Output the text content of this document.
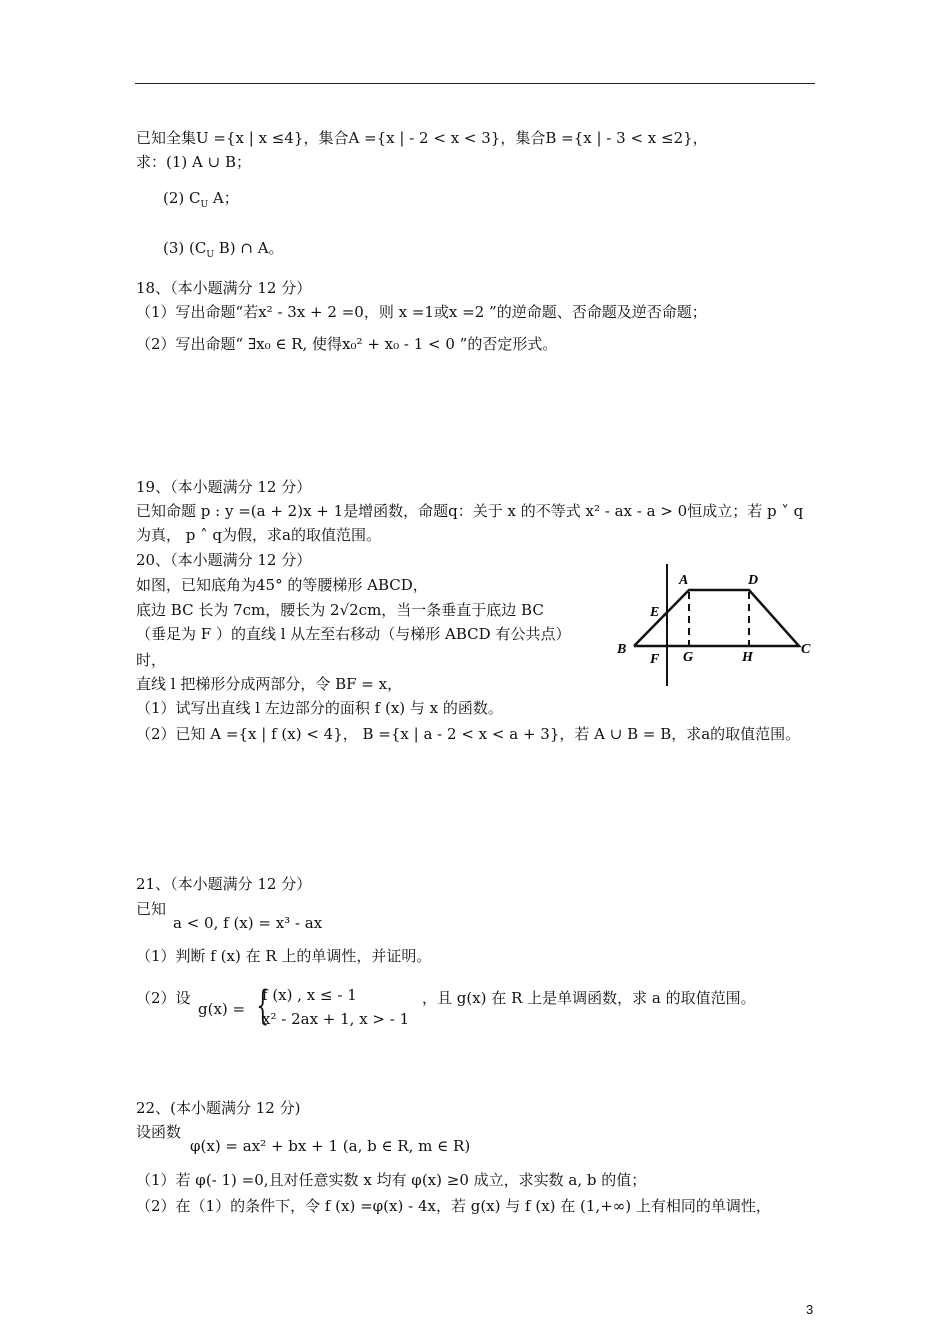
已知全集U ={x | x ≤4}，集合A ={x | - 2 < x < 3}，集合B ={x | - 3 < x ≤2}，
求：(1) A ∪ B；
(2) $C_U$ A；
(3) ($C_U$ B) ∩ A。
18、（本小题满分 12 分）
（1）写出命题“若x² - 3x + 2 =0，则 x =1或x =2 ”的逆命题、否命题及逆否命题；
（2）写出命题“ ∃x₀ ∈ R, 使得x₀² + x₀ - 1 < 0 ”的否定形式。
19、（本小题满分 12 分）
已知命题 p : y =(a + 2)x + 1是增函数，命题q：关于 x 的不等式 x² - ax - a > 0恒成立；若 p ˅ q
为真， p ˄ q为假，求a的取值范围。
20、（本小题满分 12 分）
如图，已知底角为45° 的等腰梯形 ABCD，
底边 BC 长为 7cm，腰长为 2√2cm，当一条垂直于底边 BC
（垂足为 F ）的直线 l 从左至右移动（与梯形 ABCD 有公共点）
时，
直线 l 把梯形分成两部分，令 BF = x，
（1）试写出直线 l 左边部分的面积 f (x) 与 x 的函数。
（2）已知 A ={x | f (x) < 4}， B ={x | a - 2 < x < a + 3}，若 A ∪ B = B，求a的取值范围。
A	D
E
B	C
F G	H
21、（本小题满分 12 分）
已知
a < 0, f (x) = x³ - ax
（1）判断 f (x) 在 R 上的单调性，并证明。
（2）设
g(x) = {
f (x) , x ≤ - 1
x² - 2ax + 1, x > - 1
，且 g(x) 在 R 上是单调函数，求 a 的取值范围。
22、(本小题满分 12 分)
设函数
φ(x) = ax² + bx + 1 (a, b ∈ R, m ∈ R)
（1）若 φ(- 1) =0,且对任意实数 x 均有 φ(x) ≥0 成立，求实数 a, b 的值；
（2）在（1）的条件下，令 f (x) =φ(x) - 4x，若 g(x) 与 f (x) 在 (1,+∞) 上有相同的单调性，
3
